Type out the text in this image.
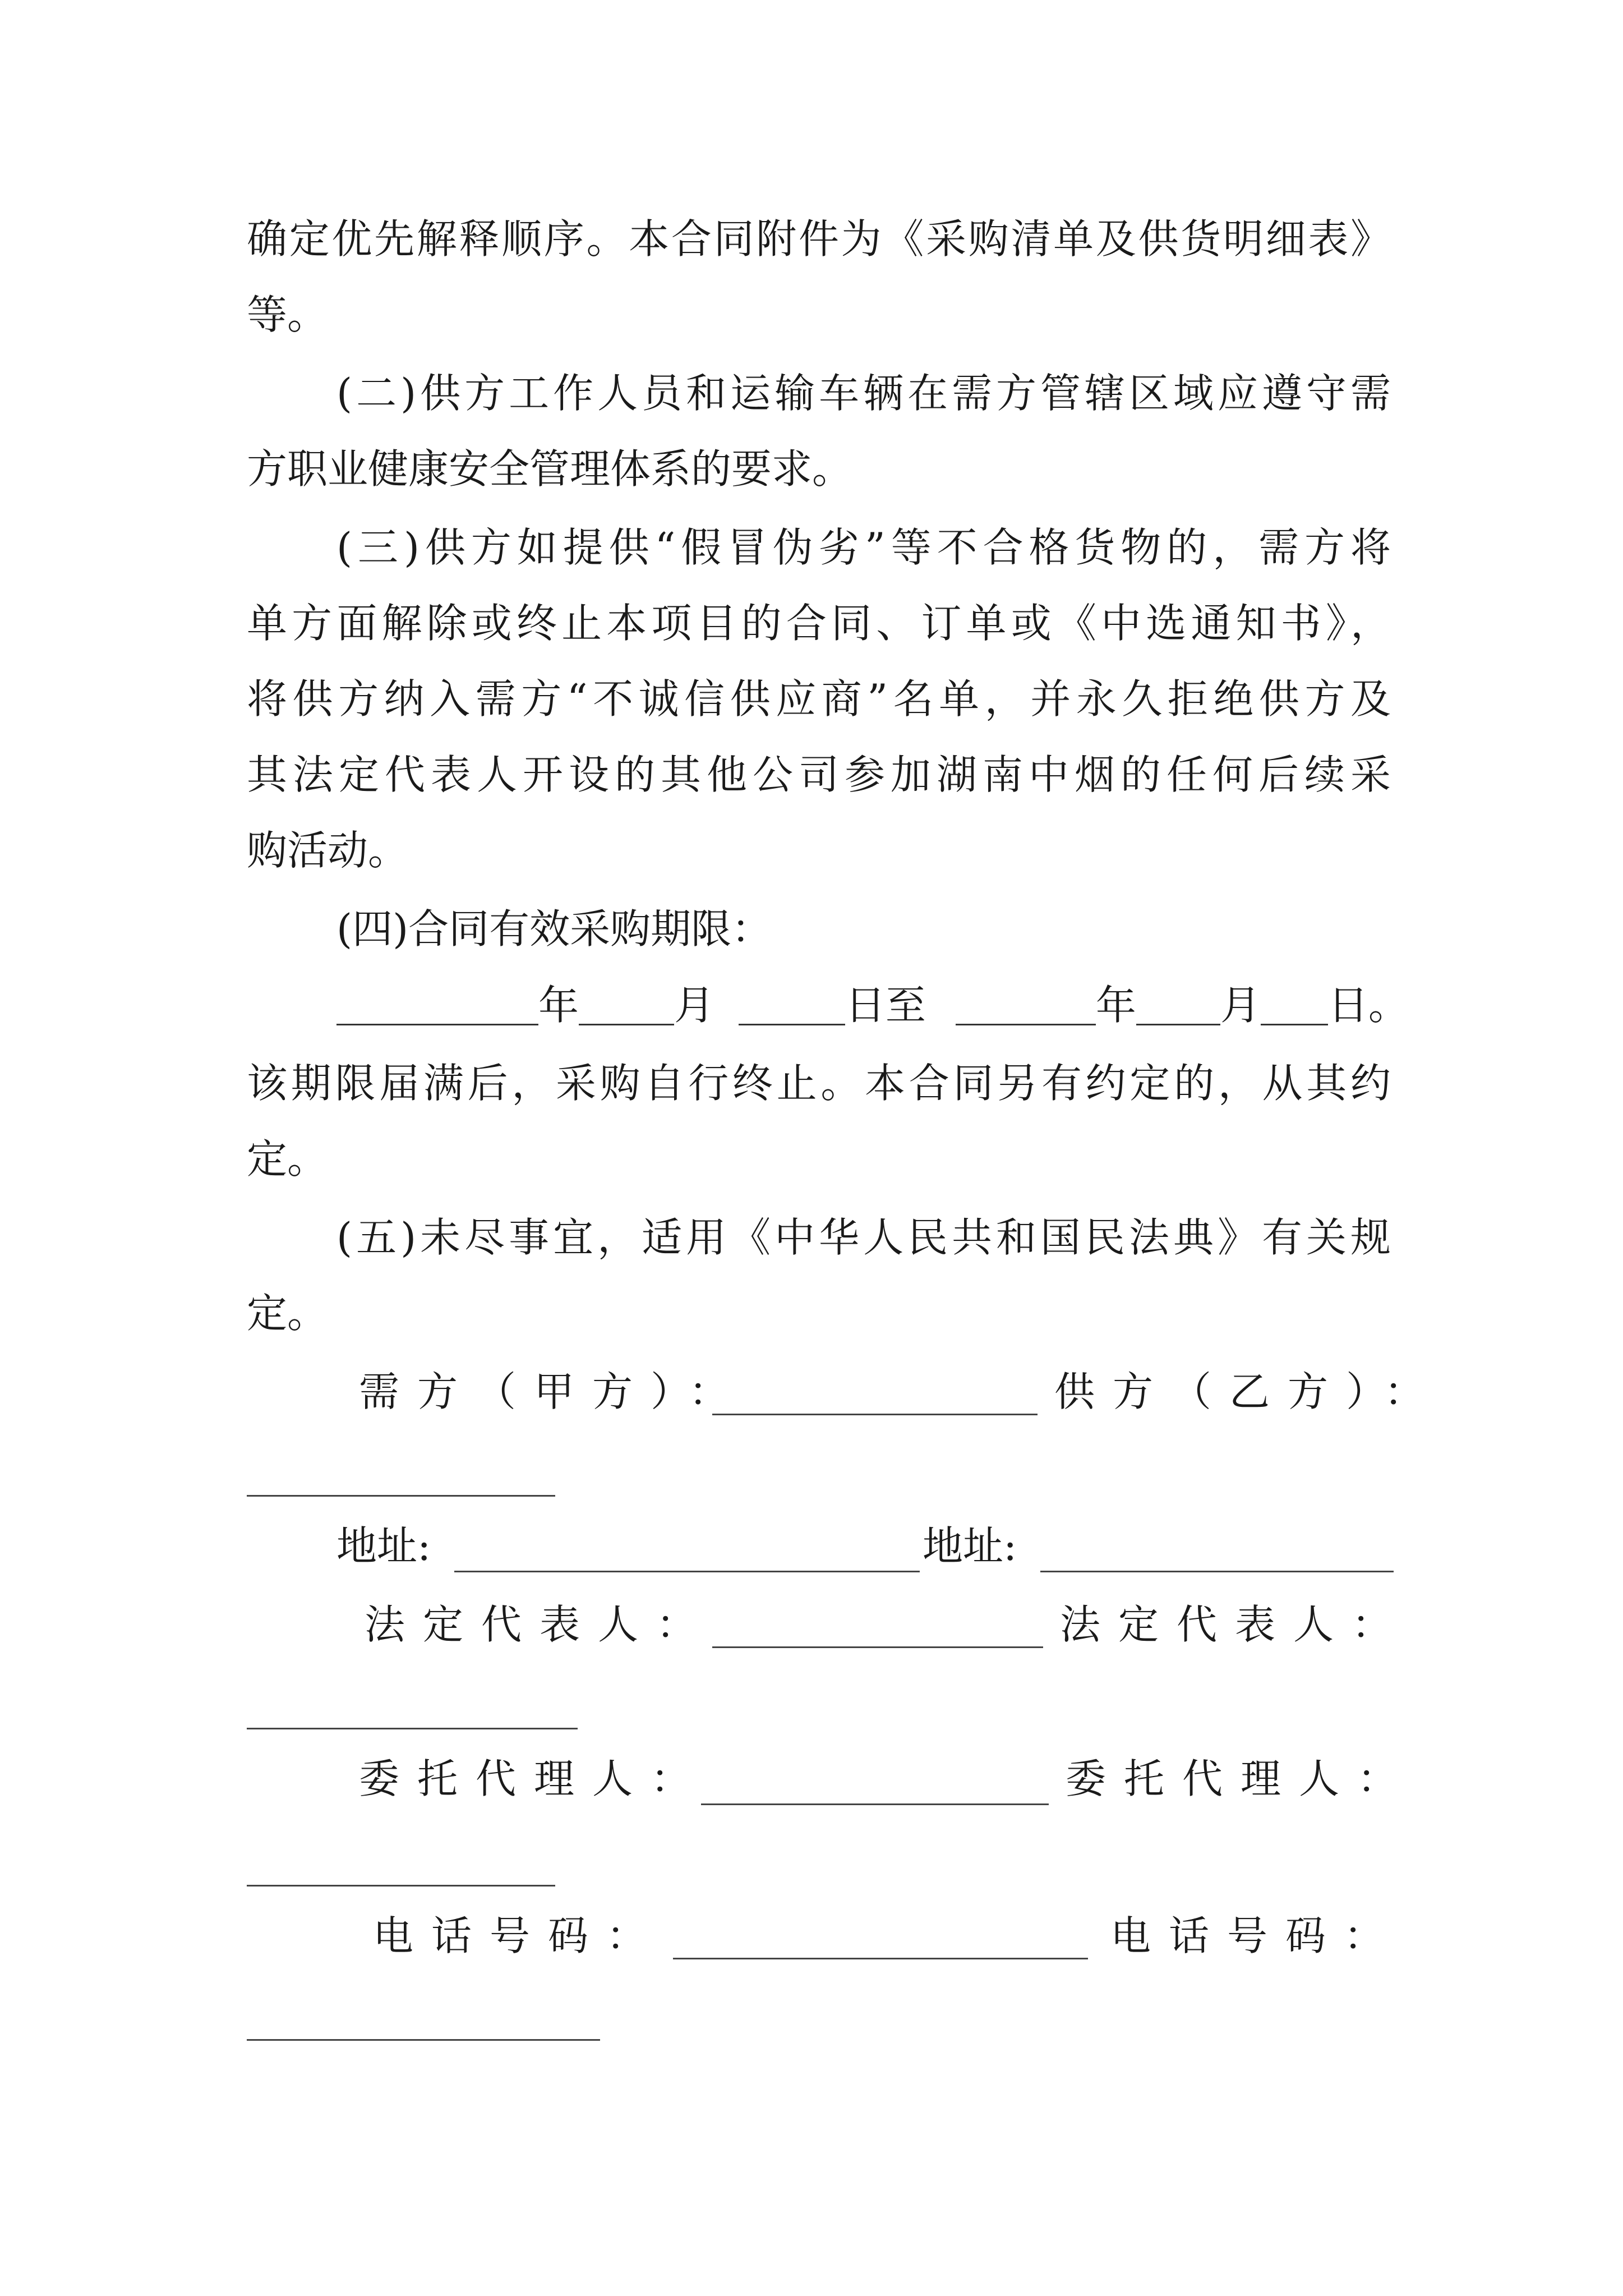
确定优先解释顺序。本合同附件为《采购清单及供货明细表》
等。
(二)供方工作人员和运输车辆在需方管辖区域应遵守需
方职业健康安全管理体系的要求。
(三)供方如提供“假冒伪劣”等不合格货物的，需方将
单方面解除或终止本项目的合同、订单或《中选通知书》，
将供方纳入需方“不诚信供应商”名单，并永久拒绝供方及
其法定代表人开设的其他公司参加湖南中烟的任何后续采
购活动。
(四)合同有效采购期限：
年 月	日至	年 月 日。
该期限届满后，采购自行终止。本合同另有约定的，从其约
定。
(五)未尽事宜，适用《中华人民共和国民法典》有关规
定。
需方（甲方）：	供方（乙方）：
地址:	地址:
法定代表人：	法定代表人：
委托代理人：	委托代理人：
电话号码：	电话号码：
